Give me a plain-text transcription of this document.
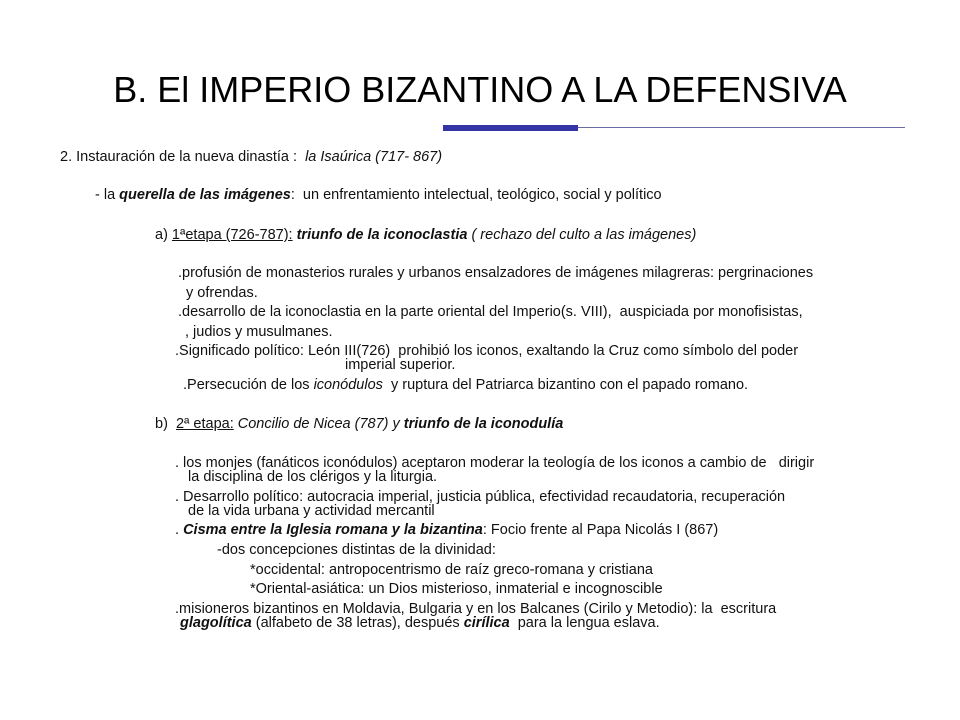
B. El IMPERIO BIZANTINO A LA DEFENSIVA
2. Instauración de la nueva dinastía :  la Isaúrica (717- 867)
- la querella de las imágenes:  un enfrentamiento intelectual, teológico, social y político
a) 1ªetapa (726-787): triunfo de la iconoclastia ( rechazo del culto a las imágenes)
.profusión de monasterios rurales y urbanos ensalzadores de imágenes milagreras: pergrinaciones
y ofrendas.
.desarrollo de la iconoclastia en la parte oriental del Imperio(s. VIII),  auspiciada por monofisistas,
, judios y musulmanes.
.Significado político: León III(726)  prohibió los iconos, exaltando la Cruz como símbolo del poder
imperial superior.
.Persecución de los iconódulos  y ruptura del Patriarca bizantino con el papado romano.
b)  2ª etapa: Concilio de Nicea (787) y triunfo de la iconodulía
. los monjes (fanáticos iconódulos) aceptaron moderar la teología de los iconos a cambio de   dirigir
la disciplina de los clérigos y la liturgia.
. Desarrollo político: autocracia imperial, justicia pública, efectividad recaudatoria, recuperación
de la vida urbana y actividad mercantil
. Cisma entre la Iglesia romana y la bizantina: Focio frente al Papa Nicolás I (867)
-dos concepciones distintas de la divinidad:
*occidental: antropocentrismo de raíz greco-romana y cristiana
*Oriental-asiática: un Dios misterioso, inmaterial e incognoscible
.misioneros bizantinos en Moldavia, Bulgaria y en los Balcanes (Cirilo y Metodio): la  escritura
glagolítica (alfabeto de 38 letras), después cirílica  para la lengua eslava.
